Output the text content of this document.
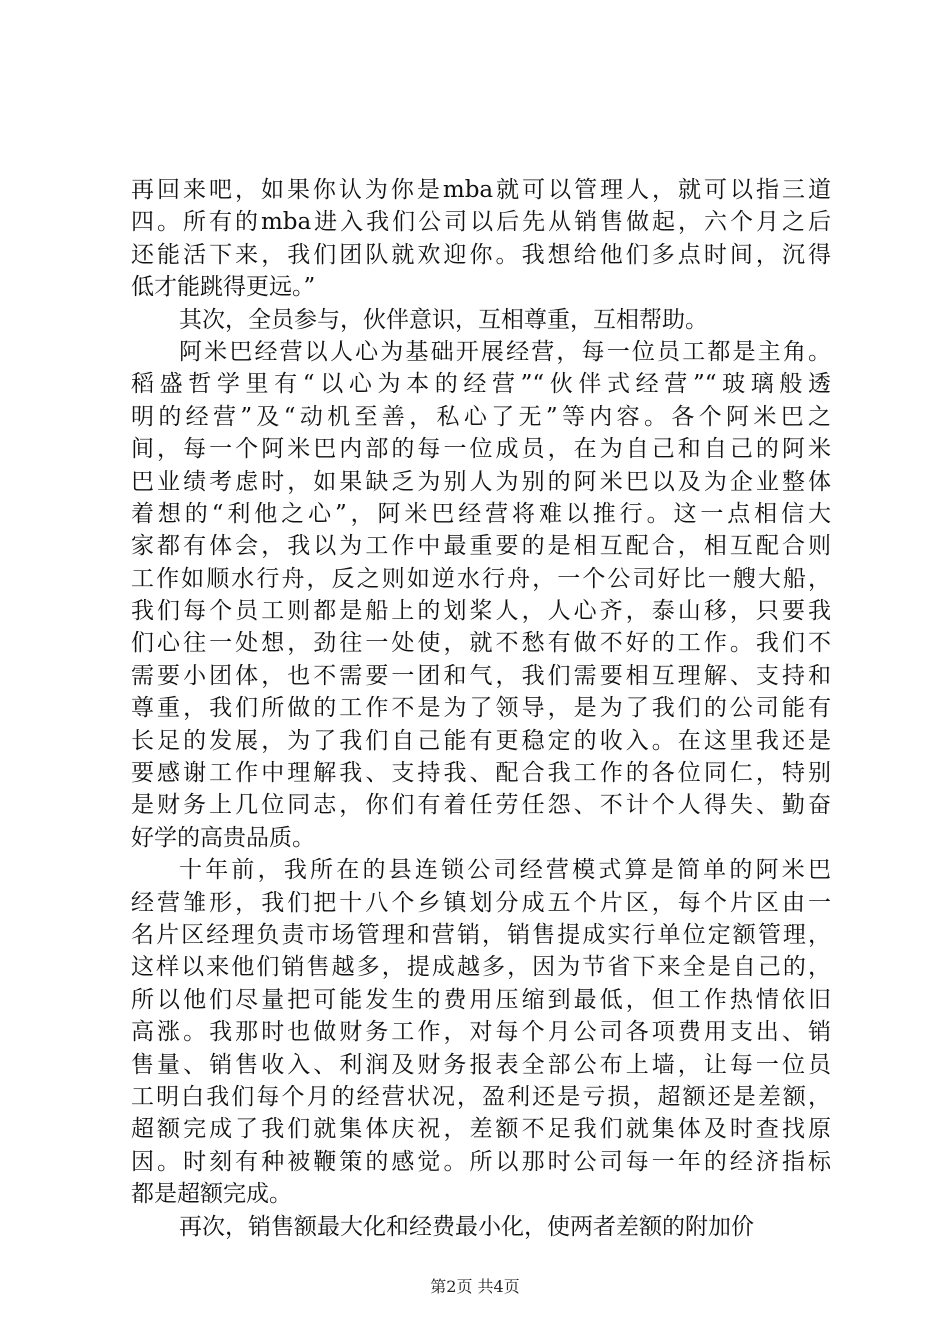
再回来吧，如果你认为你是mba就可以管理人，就可以指三道
四。所有的mba进入我们公司以后先从销售做起，六个月之后
还能活下来，我们团队就欢迎你。我想给他们多点时间，沉得
低才能跳得更远。”
其次，全员参与，伙伴意识，互相尊重，互相帮助。
阿米巴经营以人心为基础开展经营，每一位员工都是主角。
稻盛哲学里有“以心为本的经营”“伙伴式经营”“玻璃般透
明的经营”及“动机至善，私心了无”等内容。各个阿米巴之
间，每一个阿米巴内部的每一位成员，在为自己和自己的阿米
巴业绩考虑时，如果缺乏为别人为别的阿米巴以及为企业整体
着想的“利他之心”，阿米巴经营将难以推行。这一点相信大
家都有体会，我以为工作中最重要的是相互配合，相互配合则
工作如顺水行舟，反之则如逆水行舟，一个公司好比一艘大船，
我们每个员工则都是船上的划桨人，人心齐，泰山移，只要我
们心往一处想，劲往一处使，就不愁有做不好的工作。我们不
需要小团体，也不需要一团和气，我们需要相互理解、支持和
尊重，我们所做的工作不是为了领导，是为了我们的公司能有
长足的发展，为了我们自己能有更稳定的收入。在这里我还是
要感谢工作中理解我、支持我、配合我工作的各位同仁，特别
是财务上几位同志，你们有着任劳任怨、不计个人得失、勤奋
好学的高贵品质。
十年前，我所在的县连锁公司经营模式算是简单的阿米巴
经营雏形，我们把十八个乡镇划分成五个片区，每个片区由一
名片区经理负责市场管理和营销，销售提成实行单位定额管理，
这样以来他们销售越多，提成越多，因为节省下来全是自己的，
所以他们尽量把可能发生的费用压缩到最低，但工作热情依旧
高涨。我那时也做财务工作，对每个月公司各项费用支出、销
售量、销售收入、利润及财务报表全部公布上墙，让每一位员
工明白我们每个月的经营状况，盈利还是亏损，超额还是差额，
超额完成了我们就集体庆祝，差额不足我们就集体及时查找原
因。时刻有种被鞭策的感觉。所以那时公司每一年的经济指标
都是超额完成。
再次，销售额最大化和经费最小化，使两者差额的附加价
第2页 共4页
